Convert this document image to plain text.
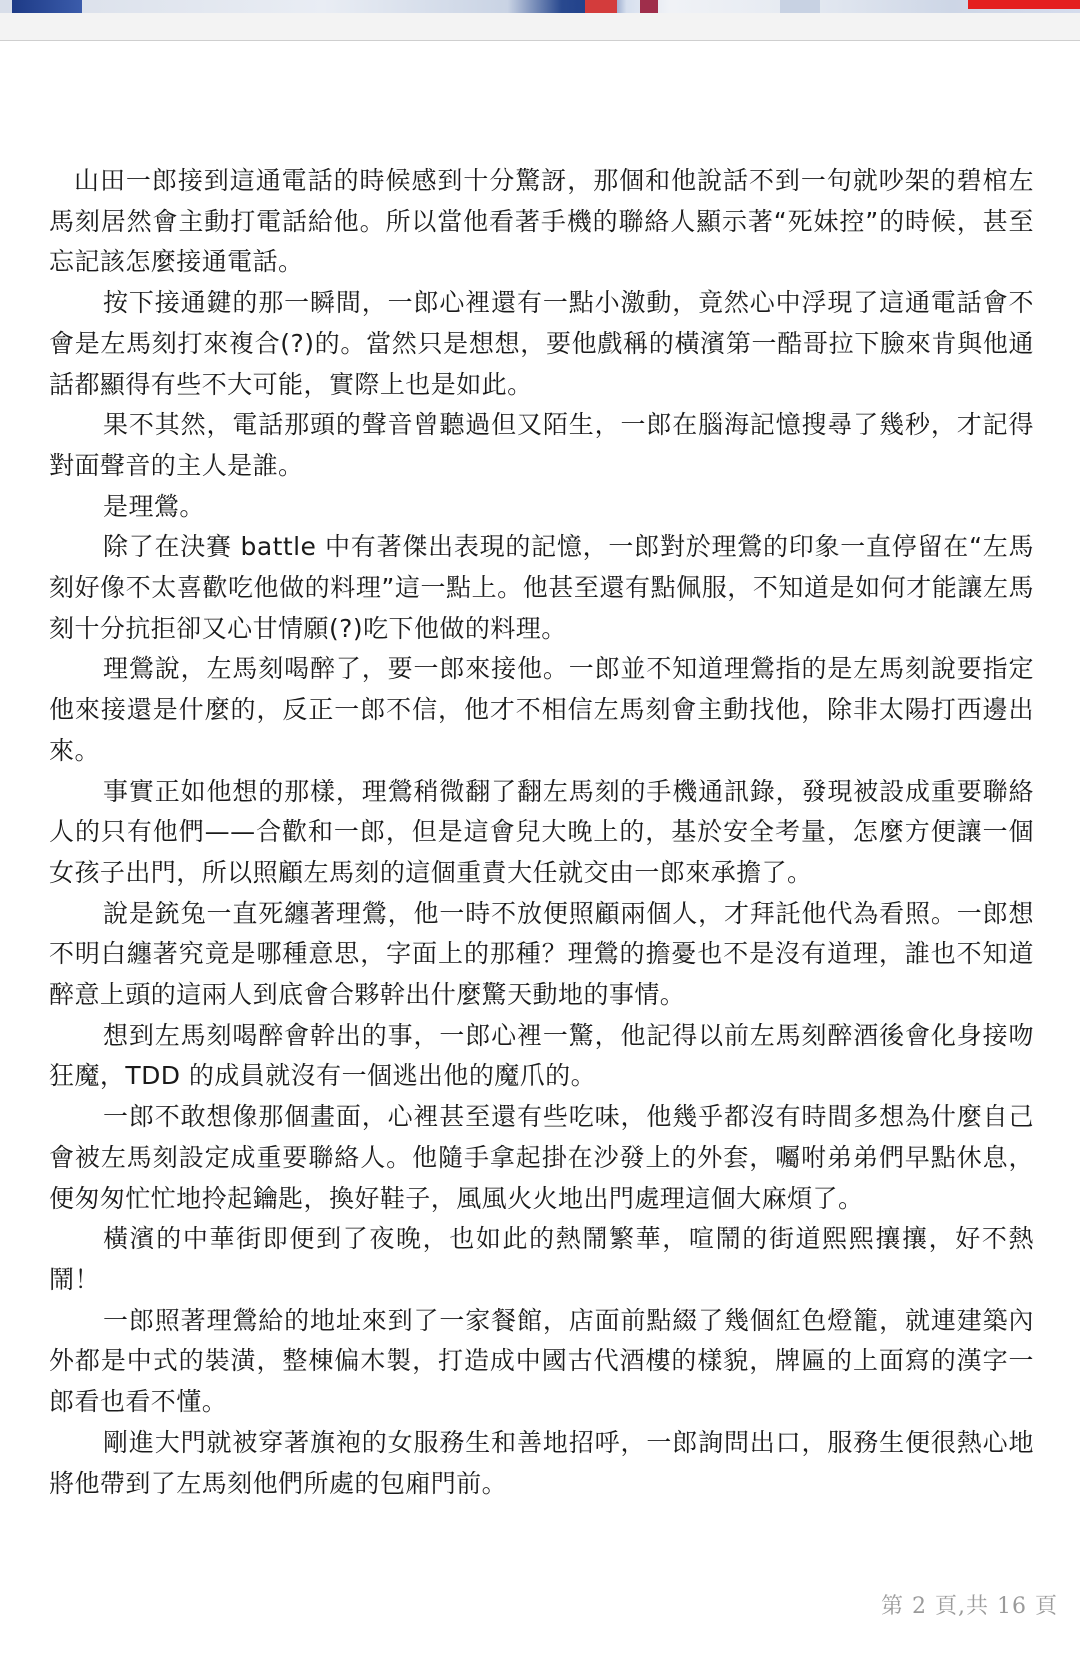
山田一郎接到這通電話的時候感到十分驚訝，那個和他說話不到一句就吵架的碧棺左馬刻居然會主動打電話給他。所以當他看著手機的聯絡人顯示著“死妹控”的時候，甚至忘記該怎麼接通電話。

按下接通鍵的那一瞬間，一郎心裡還有一點小激動，竟然心中浮現了這通電話會不會是左馬刻打來複合(?)的。當然只是想想，要他戲稱的橫濱第一酷哥拉下臉來肯與他通話都顯得有些不大可能，實際上也是如此。

果不其然，電話那頭的聲音曾聽過但又陌生，一郎在腦海記憶搜尋了幾秒，才記得對面聲音的主人是誰。

是理鶯。

除了在決賽 battle 中有著傑出表現的記憶，一郎對於理鶯的印象一直停留在“左馬刻好像不太喜歡吃他做的料理”這一點上。他甚至還有點佩服，不知道是如何才能讓左馬刻十分抗拒卻又心甘情願(?)吃下他做的料理。

理鶯說，左馬刻喝醉了，要一郎來接他。一郎並不知道理鶯指的是左馬刻說要指定他來接還是什麼的，反正一郎不信，他才不相信左馬刻會主動找他，除非太陽打西邊出來。

事實正如他想的那樣，理鶯稍微翻了翻左馬刻的手機通訊錄，發現被設成重要聯絡人的只有他們——合歡和一郎，但是這會兒大晚上的，基於安全考量，怎麼方便讓一個女孩子出門，所以照顧左馬刻的這個重責大任就交由一郎來承擔了。

說是銃兔一直死纏著理鶯，他一時不放便照顧兩個人，才拜託他代為看照。一郎想不明白纏著究竟是哪種意思，字面上的那種？理鶯的擔憂也不是沒有道理，誰也不知道醉意上頭的這兩人到底會合夥幹出什麼驚天動地的事情。

想到左馬刻喝醉會幹出的事，一郎心裡一驚，他記得以前左馬刻醉酒後會化身接吻狂魔，TDD 的成員就沒有一個逃出他的魔爪的。

一郎不敢想像那個畫面，心裡甚至還有些吃味，他幾乎都沒有時間多想為什麼自己會被左馬刻設定成重要聯絡人。他隨手拿起掛在沙發上的外套，囑咐弟弟們早點休息，便匆匆忙忙地拎起鑰匙，換好鞋子，風風火火地出門處理這個大麻煩了。

橫濱的中華街即便到了夜晚，也如此的熱鬧繁華，喧鬧的街道熙熙攘攘，好不熱鬧！

一郎照著理鶯給的地址來到了一家餐館，店面前點綴了幾個紅色燈籠，就連建築內外都是中式的裝潢，整棟偏木製，打造成中國古代酒樓的樣貌，牌匾的上面寫的漢字一郎看也看不懂。

剛進大門就被穿著旗袍的女服務生和善地招呼，一郎詢問出口，服務生便很熱心地將他帶到了左馬刻他們所處的包廂門前。

第 2 頁,共 16 頁
